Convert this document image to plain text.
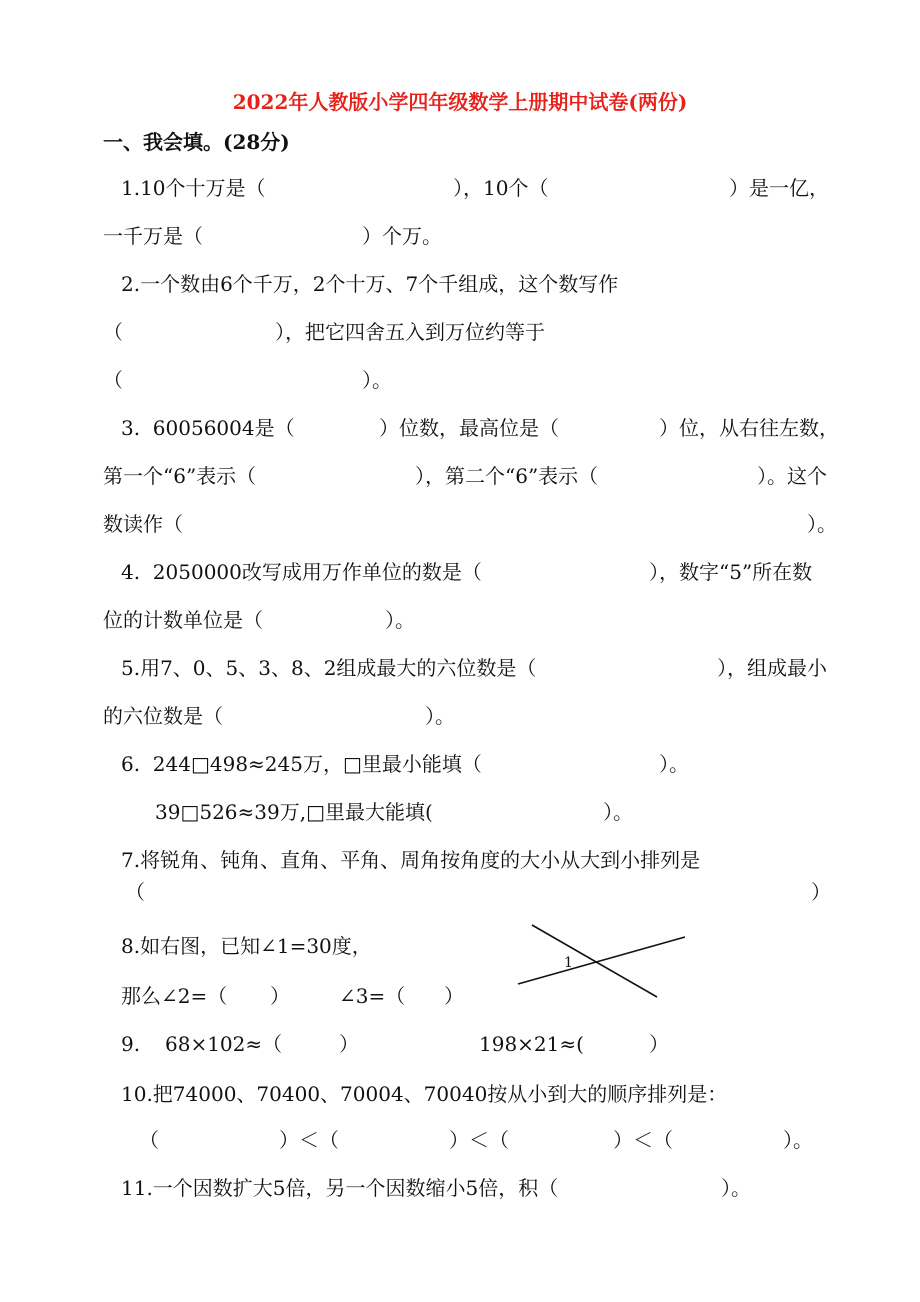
2022年人教版小学四年级数学上册期中试卷(两份)
一、我会填。(28分)
1.10个十万是（	），10个（	）是一亿，
一千万是（	）个万。
2.一个数由6个千万，2个十万、7个千组成，这个数写作
（	），把它四舍五入到万位约等于
（	）。
3.  60056004是（	）位数，最高位是（	）位，从右往左数，
第一个“6”表示（	），第二个“6”表示（	）。这个
数读作（	）。
4.  2050000改写成用万作单位的数是（	），数字“5”所在数
位的计数单位是（	）。
5.用7、0、5、3、8、2组成最大的六位数是（	），组成最小
的六位数是（	）。
6.  244□498≈245万，□里最小能填（	）。
39□526≈39万,□里最大能填(	）。
7.将锐角、钝角、直角、平角、周角按角度的大小从大到小排列是
（	）
8.如右图，已知∠1=30度，
那么∠2=（ ） ∠3=（ ）
1
9. 68×102≈（	）	198×21≈(	）
10.把74000、70400、70004、70040按从小到大的顺序排列是：
（	）＜（	）＜（	）＜（	）。
11.一个因数扩大5倍，另一个因数缩小5倍，积（	）。
